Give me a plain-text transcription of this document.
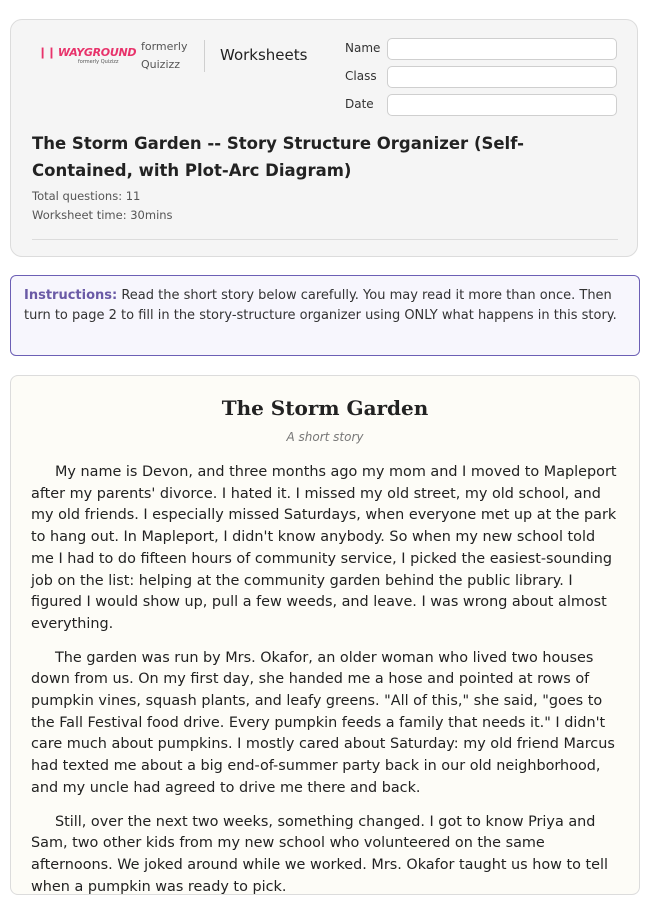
❙❙ WAYGROUND
formerly Quizizz
formerly Quizizz
Worksheets	Name
Class
Date
The Storm Garden -- Story Structure Organizer (Self-Contained, with Plot-Arc Diagram)
Total questions: 11
Worksheet time: 30mins
Instructions: Read the short story below carefully. You may read it more than once. Then turn to page 2 to fill in the story-structure organizer using ONLY what happens in this story.
The Storm Garden
A short story

My name is Devon, and three months ago my mom and I moved to Mapleport after my parents' divorce. I hated it. I missed my old street, my old school, and my old friends. I especially missed Saturdays, when everyone met up at the park to hang out. In Mapleport, I didn't know anybody. So when my new school told me I had to do fifteen hours of community service, I picked the easiest-sounding job on the list: helping at the community garden behind the public library. I figured I would show up, pull a few weeds, and leave. I was wrong about almost everything.

The garden was run by Mrs. Okafor, an older woman who lived two houses down from us. On my first day, she handed me a hose and pointed at rows of pumpkin vines, squash plants, and leafy greens. "All of this," she said, "goes to the Fall Festival food drive. Every pumpkin feeds a family that needs it." I didn't care much about pumpkins. I mostly cared about Saturday: my old friend Marcus had texted me about a big end-of-summer party back in our old neighborhood, and my uncle had agreed to drive me there and back.

Still, over the next two weeks, something changed. I got to know Priya and Sam, two other kids from my new school who volunteered on the same afternoons. We joked around while we worked. Mrs. Okafor taught us how to tell when a pumpkin was ready to pick.
